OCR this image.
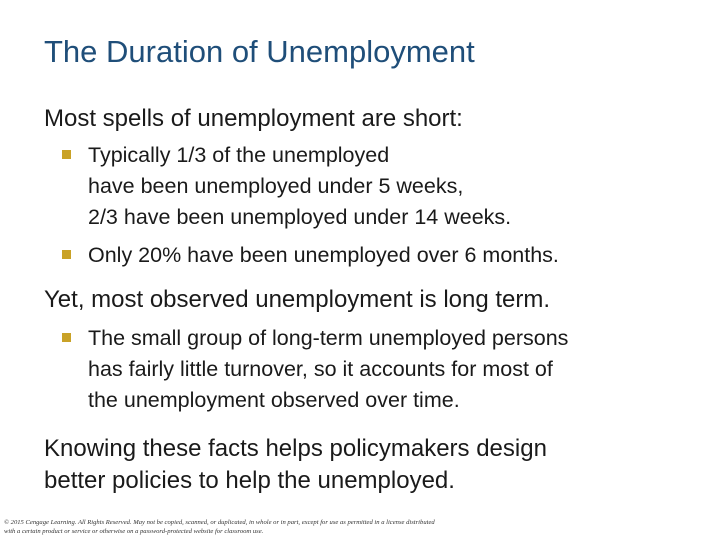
The Duration of Unemployment
Most spells of unemployment are short:
Typically 1/3 of the unemployed
have been unemployed under 5 weeks,
2/3 have been unemployed under 14 weeks.
Only 20% have been unemployed over 6 months.
Yet, most observed unemployment is long term.
The small group of long-term unemployed persons
has fairly little turnover, so it accounts for most of
the unemployment observed over time.
Knowing these facts helps policymakers design
better policies to help the unemployed.
© 2015 Cengage Learning. All Rights Reserved. May not be copied, scanned, or duplicated, in whole or in part, except for use as permitted in a license distributed with a certain product or service or otherwise on a password-protected website for classroom use.
